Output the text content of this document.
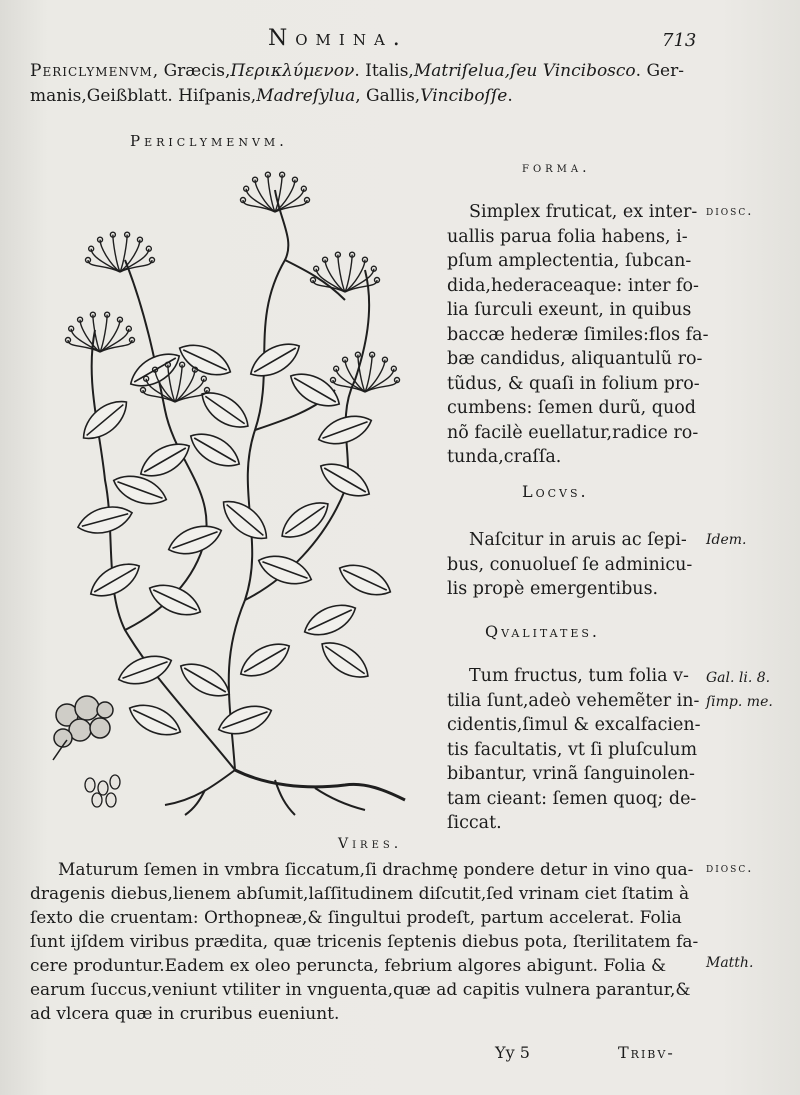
Nomina.	713
Periclymenvm, Græcis,Περικλύμενον. Italis,Matriſelua,ſeu Vincibosco. Ger-
manis,Geißblatt. Hiſpanis,Madreſylua, Gallis,Vinciboſſe.
Periclymenvm.
forma.
Simplex fruticat, ex inter-
uallis parua folia habens, i-
pſum amplectentia, ſubcan-
dida,hederaceaque: inter fo-
lia ſurculi exeunt, in quibus
baccæ hederæ ſimiles:flos fa-
bæ candidus, aliquantulũ ro-
tũdus, & quaſi in folium pro-
cumbens: ſemen durũ, quod
nõ facilè euellatur,radice ro-
tunda,craſſa.
diosc.
Locvs.
Naſcitur in aruis ac ſepi-
bus, conuolueſ ſe adminicu-
lis propè emergentibus.
Idem.
Qvalitates.
Tum fructus, tum folia v-
tilia ſunt,adeò vehemẽter in-
cidentis,ſimul & excalfacien-
tis facultatis, vt ſi pluſculum
bibantur, vrinã ſanguinolen-
tam cieant: ſemen quoq; de-
ſiccat.
Gal. li. 8.
ſimp. me.
Vires.
Maturum ſemen in vmbra ſiccatum,ſi drachmę pondere detur in vino qua-
dragenis diebus,lienem abſumit,laſſitudinem diſcutit,ſed vrinam ciet ſtatim à
ſexto die cruentam: Orthopneæ,& ſingultui prodeſt, partum accelerat. Folia
ſunt ijſdem viribus prædita, quæ tricenis ſeptenis diebus pota, ſterilitatem fa-
cere produntur.Eadem ex oleo peruncta, febrium algores abigunt. Folia &
earum ſuccus,veniunt vtiliter in vnguenta,quæ ad capitis vulnera parantur,&
ad vlcera quæ in cruribus eueniunt.
diosc.
Matth.
Yy 5	Tribv-
